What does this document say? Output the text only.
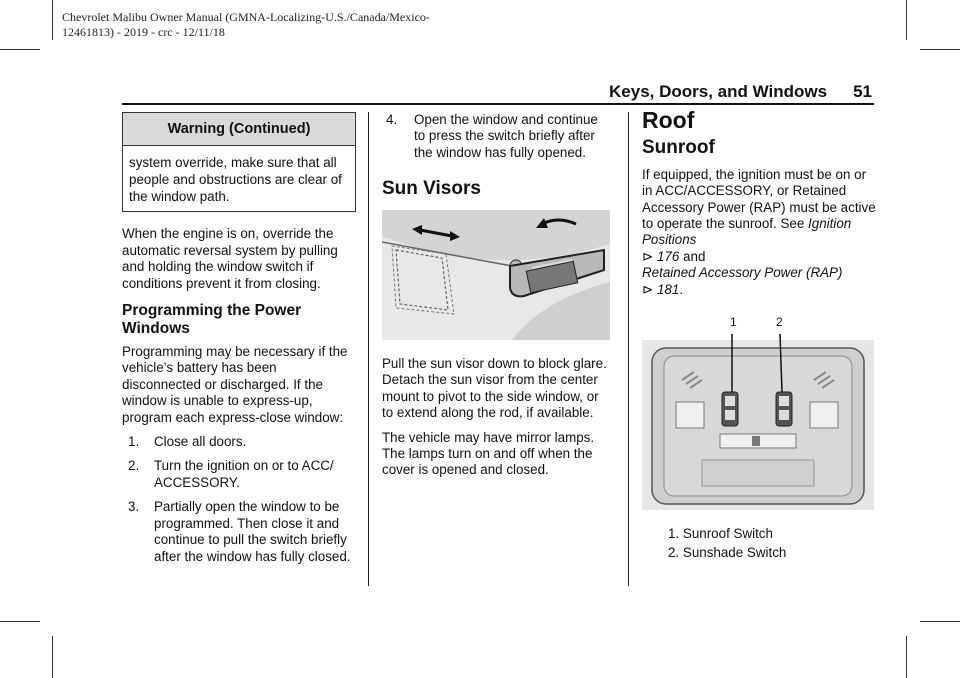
Chevrolet Malibu Owner Manual (GMNA-Localizing-U.S./Canada/Mexico-
12461813) - 2019 - crc - 12/11/18
Keys, Doors, and Windows 51
Warning (Continued)
system override, make sure that all people and obstructions are clear of the window path.

When the engine is on, override the automatic reversal system by pulling and holding the window switch if conditions prevent it from closing.

Programming the Power Windows

Programming may be necessary if the vehicle’s battery has been disconnected or discharged. If the window is unable to express-up, program each express-close window:

1. Close all doors.
2. Turn the ignition on or to ACC/ ACCESSORY.
3. Partially open the window to be programmed. Then close it and continue to pull the switch briefly after the window has fully closed.
4. Open the window and continue to press the switch briefly after the window has fully opened.
Sun Visors

Pull the sun visor down to block glare. Detach the sun visor from the center mount to pivot to the side window, or to extend along the rod, if available.

The vehicle may have mirror lamps. The lamps turn on and off when the cover is opened and closed.

Roof
Sunroof

If equipped, the ignition must be on or in ACC/ACCESSORY, or Retained Accessory Power (RAP) must be active to operate the sunroof. See Ignition Positions
⊳ 176 and
Retained Accessory Power (RAP)
⊳ 181.

1	2
1. Sunroof Switch
2. Sunshade Switch
